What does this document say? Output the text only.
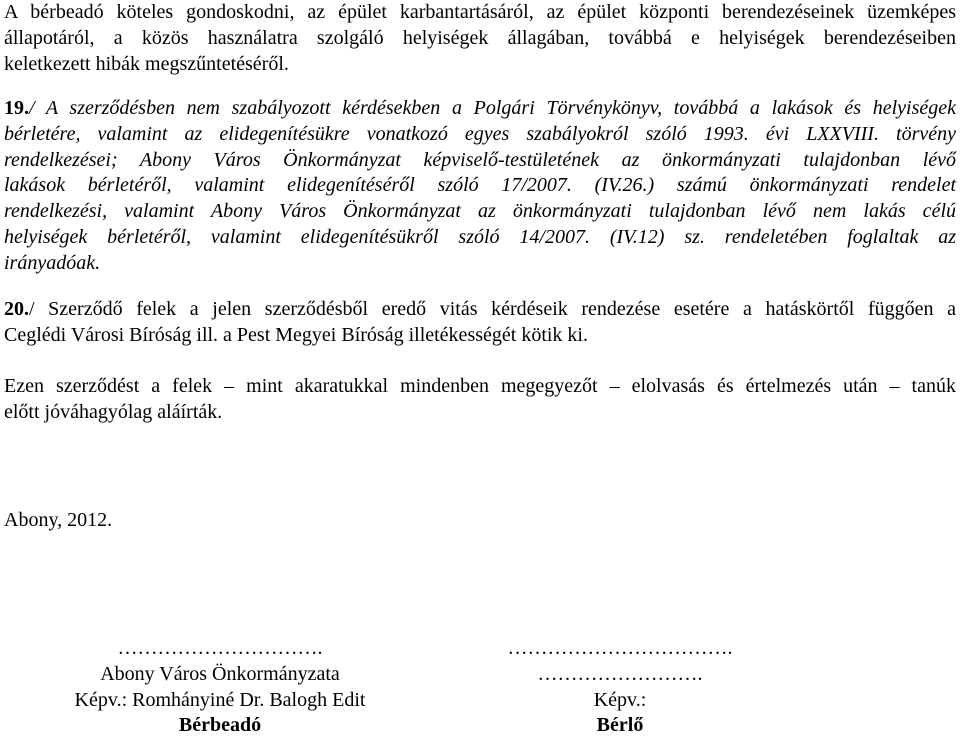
A bérbeadó köteles gondoskodni, az épület karbantartásáról, az épület központi berendezéseinek üzemképes
állapotáról, a közös használatra szolgáló helyiségek állagában, továbbá e helyiségek berendezéseiben
keletkezett hibák megszűntetéséről.
19./ A szerződésben nem szabályozott kérdésekben a Polgári Törvénykönyv, továbbá a lakások és helyiségek
bérletére, valamint az elidegenítésükre vonatkozó egyes szabályokról szóló 1993. évi LXXVIII. törvény
rendelkezései; Abony Város Önkormányzat képviselő-testületének az önkormányzati tulajdonban lévő
lakások bérletéről, valamint elidegenítéséről szóló 17/2007. (IV.26.) számú önkormányzati rendelet
rendelkezési, valamint Abony Város Önkormányzat az önkormányzati tulajdonban lévő nem lakás célú
helyiségek bérletéről, valamint elidegenítésükről szóló 14/2007. (IV.12) sz. rendeletében foglaltak az
irányadóak.
20./ Szerződő felek a jelen szerződésből eredő vitás kérdéseik rendezése esetére a hatáskörtől függően a
Ceglédi Városi Bíróság ill. a Pest Megyei Bíróság illetékességét kötik ki.
Ezen szerződést a felek – mint akaratukkal mindenben megegyezőt – elolvasás és értelmezés után – tanúk
előtt jóváhagyólag aláírták.
Abony, 2012.
………………………….
Abony Város Önkormányzata
Képv.: Romhányiné Dr. Balogh Edit
Bérbeadó
…………………………….
…………………….
Képv.:
Bérlő
